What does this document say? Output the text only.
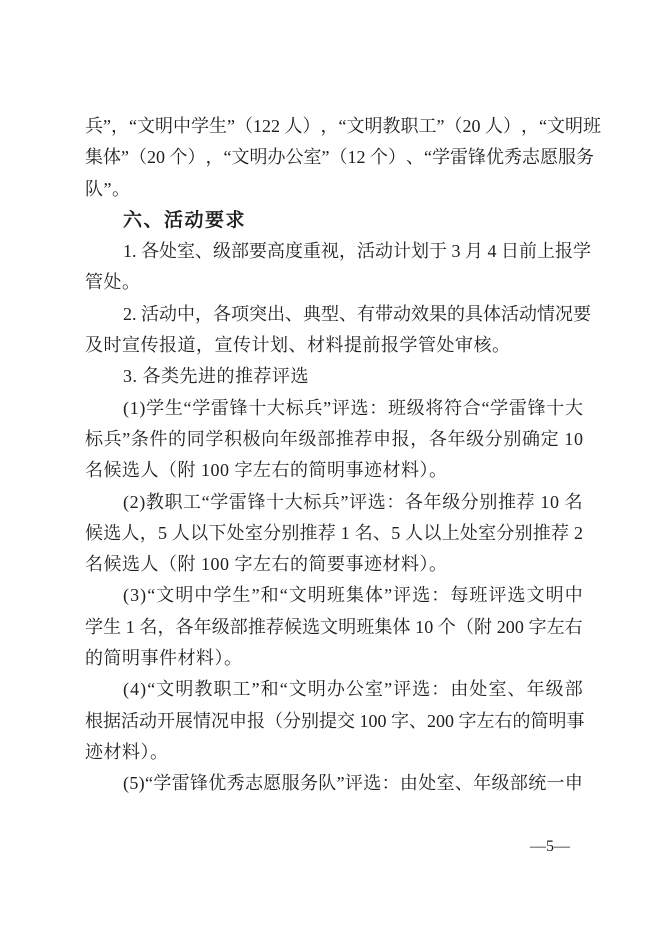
兵 ” ， “ 文 明 中 学 生 ” （ 1 2 2
人 ） ， “ 文 明 教 职 工 ” （ 2 0
人 ） ， “ 文 明 班
集 体 ” （ 2 0
个 ） ， “ 文 明 办 公 室 ” （ 1 2
个 ） 、 “ 学 雷 锋 优 秀 志 愿 服 务
队”。
六、活动要求
1 .
各 处 室 、 级 部 要 高 度 重 视 ， 活 动 计 划 于
3
月
4
日 前 上 报 学
管处。
2 .
活 动 中 ， 各 项 突 出 、 典 型 、 有 带 动 效 果 的 具 体 活 动 情 况 要
及时宣传报道，宣传计划、材料提前报学管处审核。
3. 各类先进的推荐评选
( 1 ) 学 生 “ 学 雷 锋 十 大 标 兵 ” 评 选 ： 班 级 将 符 合 “ 学 雷 锋 十 大
标 兵 ” 条 件 的 同 学 积 极 向 年 级 部 推 荐 申 报 ， 各 年 级 分 别 确 定
1 0
名候选人（附 100 字左右的简明事迹材料）。
( 2 ) 教 职 工 “ 学 雷 锋 十 大 标 兵 ” 评 选 ： 各 年 级 分 别 推 荐
1 0
名
候 选 人 ， 5
人 以 下 处 室 分 别 推 荐
1
名 、 5
人 以 上 处 室 分 别 推 荐
2
名候选人（附 100 字左右的简要事迹材料）。
( 3 ) “ 文 明 中 学 生 ” 和 “ 文 明 班 集 体 ” 评 选 ： 每 班 评 选 文 明 中
学 生
1
名 ， 各 年 级 部 推 荐 候 选 文 明 班 集 体
1 0
个 （ 附
2 0 0
字 左 右
的简明事件材料）。
( 4 ) “ 文 明 教 职 工 ” 和 “ 文 明 办 公 室 ” 评 选 ： 由 处 室 、 年 级 部
根 据 活 动 开 展 情 况 申 报 （ 分 别 提 交
1 0 0
字 、 2 0 0
字 左 右 的 简 明 事
迹材料）。
( 5 ) “ 学 雷 锋 优 秀 志 愿 服 务 队 ” 评 选 ： 由 处 室 、 年 级 部 统 一 申
—5—
